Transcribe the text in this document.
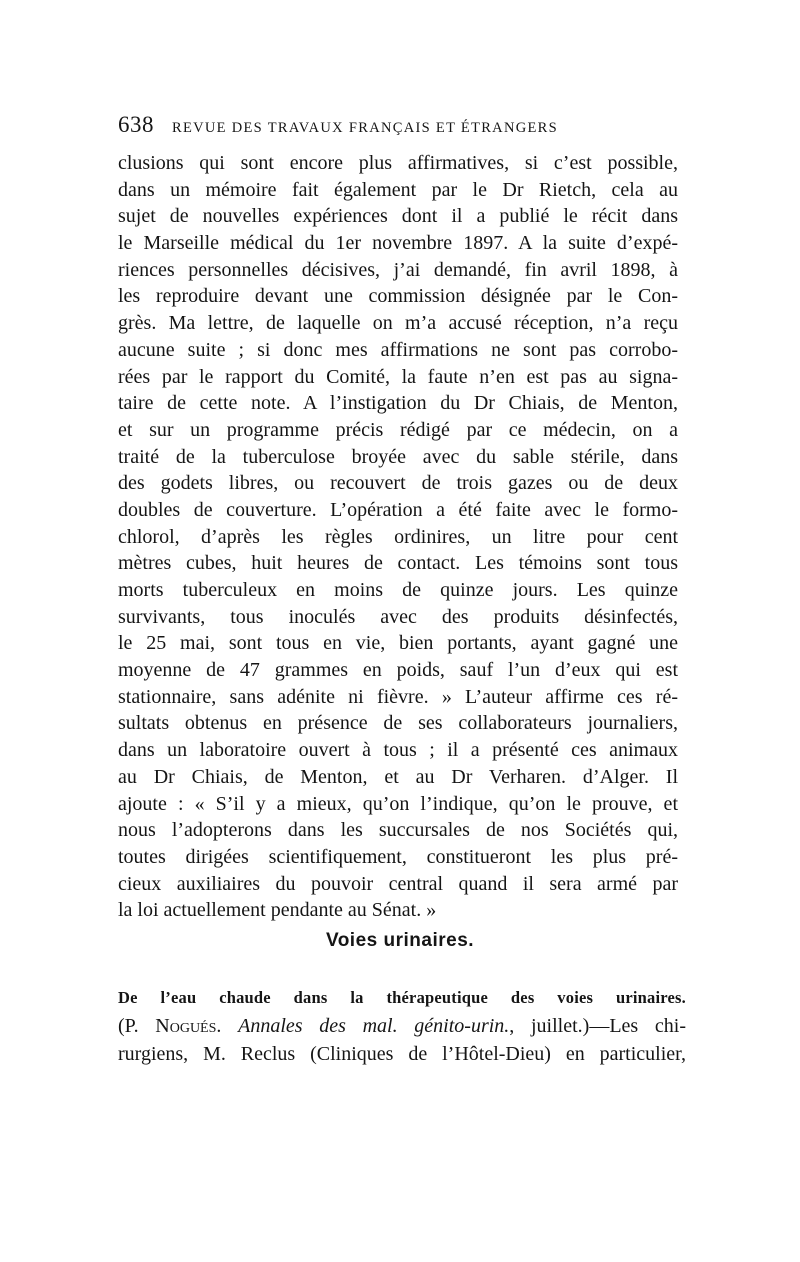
638 REVUE DES TRAVAUX FRANÇAIS ET ÉTRANGERS
clusions qui sont encore plus affirmatives, si c’est possible,
dans un mémoire fait également par le Dr Rietch, cela au
sujet de nouvelles expériences dont il a publié le récit dans
le Marseille médical du 1er novembre 1897. A la suite d’expé-
riences personnelles décisives, j’ai demandé, fin avril 1898, à
les reproduire devant une commission désignée par le Con-
grès. Ma lettre, de laquelle on m’a accusé réception, n’a reçu
aucune suite ; si donc mes affirmations ne sont pas corrobo-
rées par le rapport du Comité, la faute n’en est pas au signa-
taire de cette note. A l’instigation du Dr Chiais, de Menton,
et sur un programme précis rédigé par ce médecin, on a
traité de la tuberculose broyée avec du sable stérile, dans
des godets libres, ou recouvert de trois gazes ou de deux
doubles de couverture. L’opération a été faite avec le formo-
chlorol, d’après les règles ordinires, un litre pour cent
mètres cubes, huit heures de contact. Les témoins sont tous
morts tuberculeux en moins de quinze jours. Les quinze
survivants, tous inoculés avec des produits désinfectés,
le 25 mai, sont tous en vie, bien portants, ayant gagné une
moyenne de 47 grammes en poids, sauf l’un d’eux qui est
stationnaire, sans adénite ni fièvre. » L’auteur affirme ces ré-
sultats obtenus en présence de ses collaborateurs journaliers,
dans un laboratoire ouvert à tous ; il a présenté ces animaux
au Dr Chiais, de Menton, et au Dr Verharen. d’Alger. Il
ajoute : « S’il y a mieux, qu’on l’indique, qu’on le prouve, et
nous l’adopterons dans les succursales de nos Sociétés qui,
toutes dirigées scientifiquement, constitueront les plus pré-
cieux auxiliaires du pouvoir central quand il sera armé par
la loi actuellement pendante au Sénat. »
Voies urinaires.
De l’eau chaude dans la thérapeutique des voies urinaires.
(P. Nogués. Annales des mal. génito-urin., juillet.)—Les chi-
rurgiens, M. Reclus (Cliniques de l’Hôtel-Dieu) en particulier,
